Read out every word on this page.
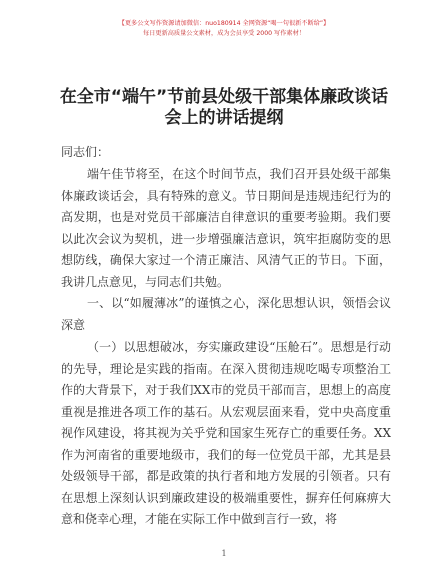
【更多公文写作资源请加微信：nuo180914 全网资源“喝一句很新不断给”】
每日更新高质量公文素材，成为会员享受 2000 写作素材！
在全市“端午”节前县处级干部集体廉政谈话
会上的讲话提纲
同志们：
端午佳节将至，在这个时间节点，我们召开县处级干部集体廉政谈话会，具有特殊的意义。节日期间是违规违纪行为的高发期，也是对党员干部廉洁自律意识的重要考验期。我们要以此次会议为契机，进一步增强廉洁意识，筑牢拒腐防变的思想防线，确保大家过一个清正廉洁、风清气正的节日。下面，我讲几点意见，与同志们共勉。
一、以“如履薄冰”的谨慎之心，深化思想认识，领悟会议深意
（一）以思想破冰，夯实廉政建设“压舱石”。思想是行动的先导，理论是实践的指南。在深入贯彻违规吃喝专项整治工作的大背景下，对于我们XX市的党员干部而言，思想上的高度重视是推进各项工作的基石。从宏观层面来看，党中央高度重视作风建设，将其视为关乎党和国家生死存亡的重要任务。XX作为河南省的重要地级市，我们的每一位党员干部，尤其是县处级领导干部，都是政策的执行者和地方发展的引领者。只有在思想上深刻认识到廉政建设的极端重要性，摒弃任何麻痹大意和侥幸心理，才能在实际工作中做到言行一致，将
1
